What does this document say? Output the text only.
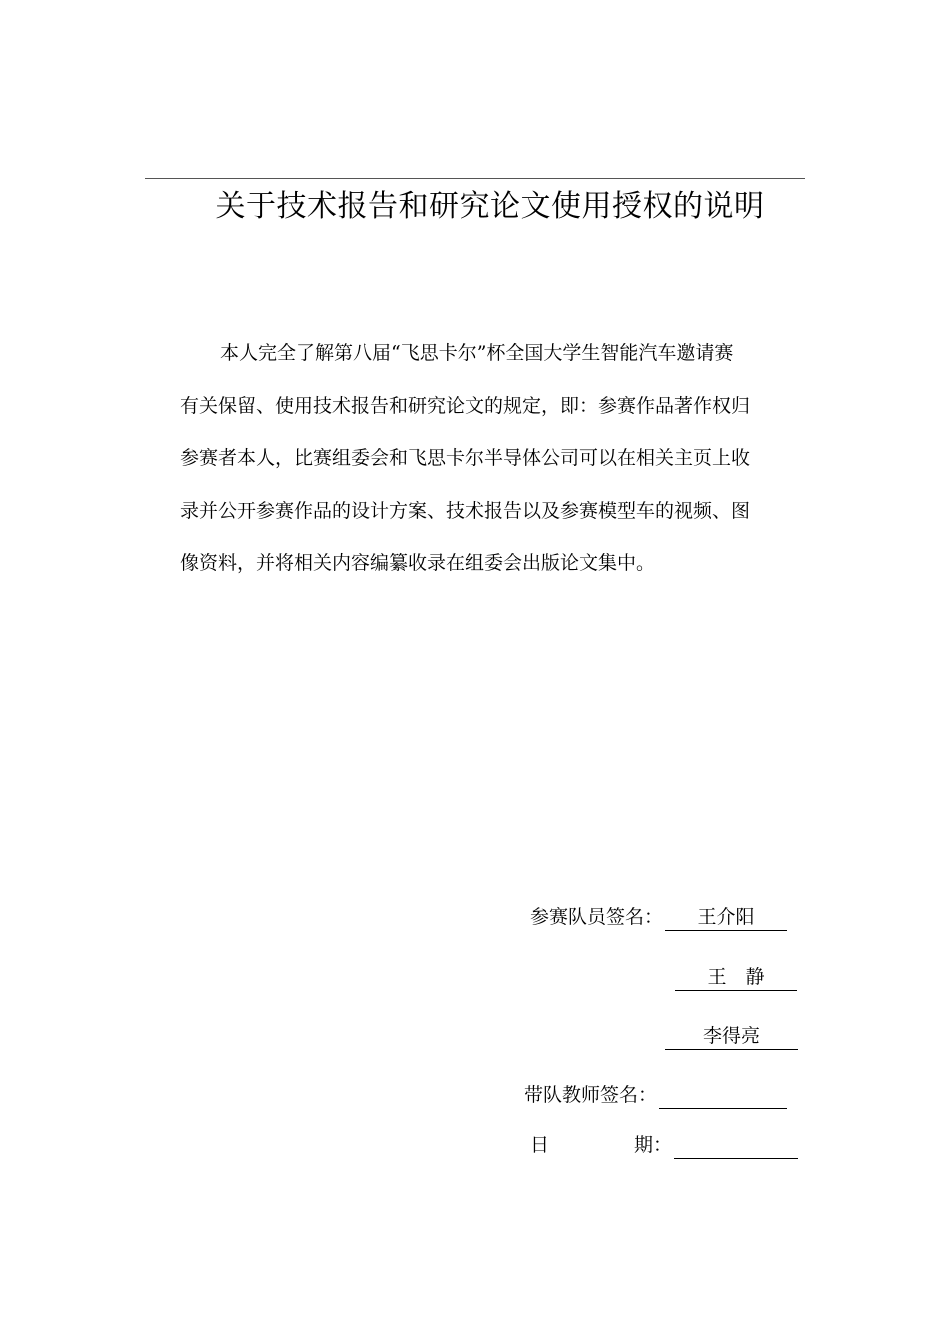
关于技术报告和研究论文使用授权的说明
本人完全了解第八届“飞思卡尔”杯全国大学生智能汽车邀请赛
有关保留、使用技术报告和研究论文的规定，即：参赛作品著作权归
参赛者本人，比赛组委会和飞思卡尔半导体公司可以在相关主页上收
录并公开参赛作品的设计方案、技术报告以及参赛模型车的视频、图
像资料，并将相关内容编纂收录在组委会出版论文集中。
参赛队员签名： 王介阳
王　静
李得亮
带队教师签名：
日	期：
